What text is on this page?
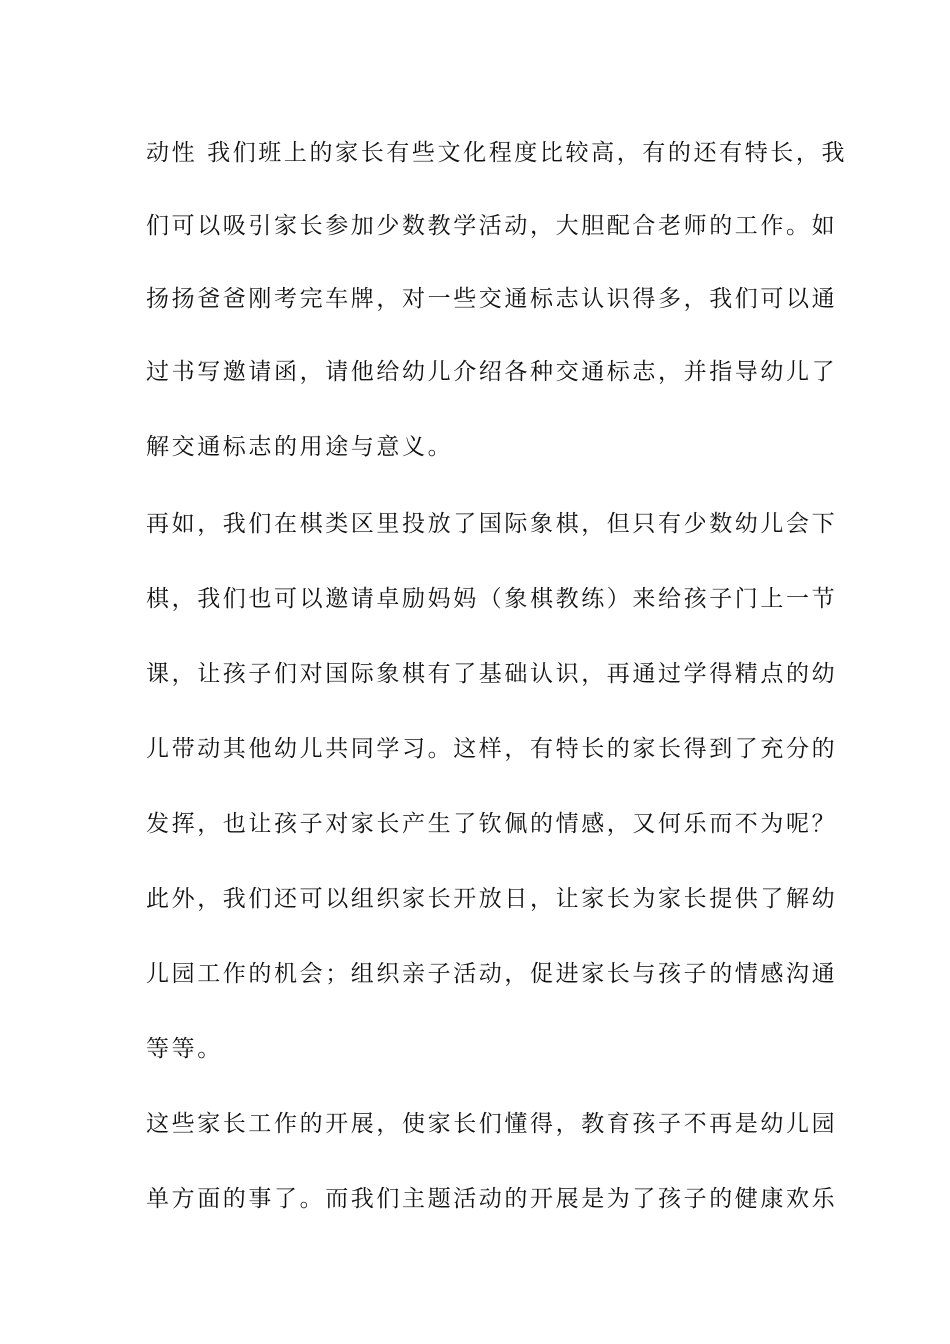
动性 我们班上的家长有些文化程度比较高，有的还有特长，我
们可以吸引家长参加少数教学活动，大胆配合老师的工作。如
扬扬爸爸刚考完车牌，对一些交通标志认识得多，我们可以通
过书写邀请函，请他给幼儿介绍各种交通标志，并指导幼儿了
解交通标志的用途与意义。
再如，我们在棋类区里投放了国际象棋，但只有少数幼儿会下
棋，我们也可以邀请卓励妈妈（象棋教练）来给孩子门上一节
课，让孩子们对国际象棋有了基础认识，再通过学得精点的幼
儿带动其他幼儿共同学习。这样，有特长的家长得到了充分的
发挥，也让孩子对家长产生了钦佩的情感，又何乐而不为呢？
此外，我们还可以组织家长开放日，让家长为家长提供了解幼
儿园工作的机会；组织亲子活动，促进家长与孩子的情感沟通
等等。
这些家长工作的开展，使家长们懂得，教育孩子不再是幼儿园
单方面的事了。而我们主题活动的开展是为了孩子的健康欢乐
